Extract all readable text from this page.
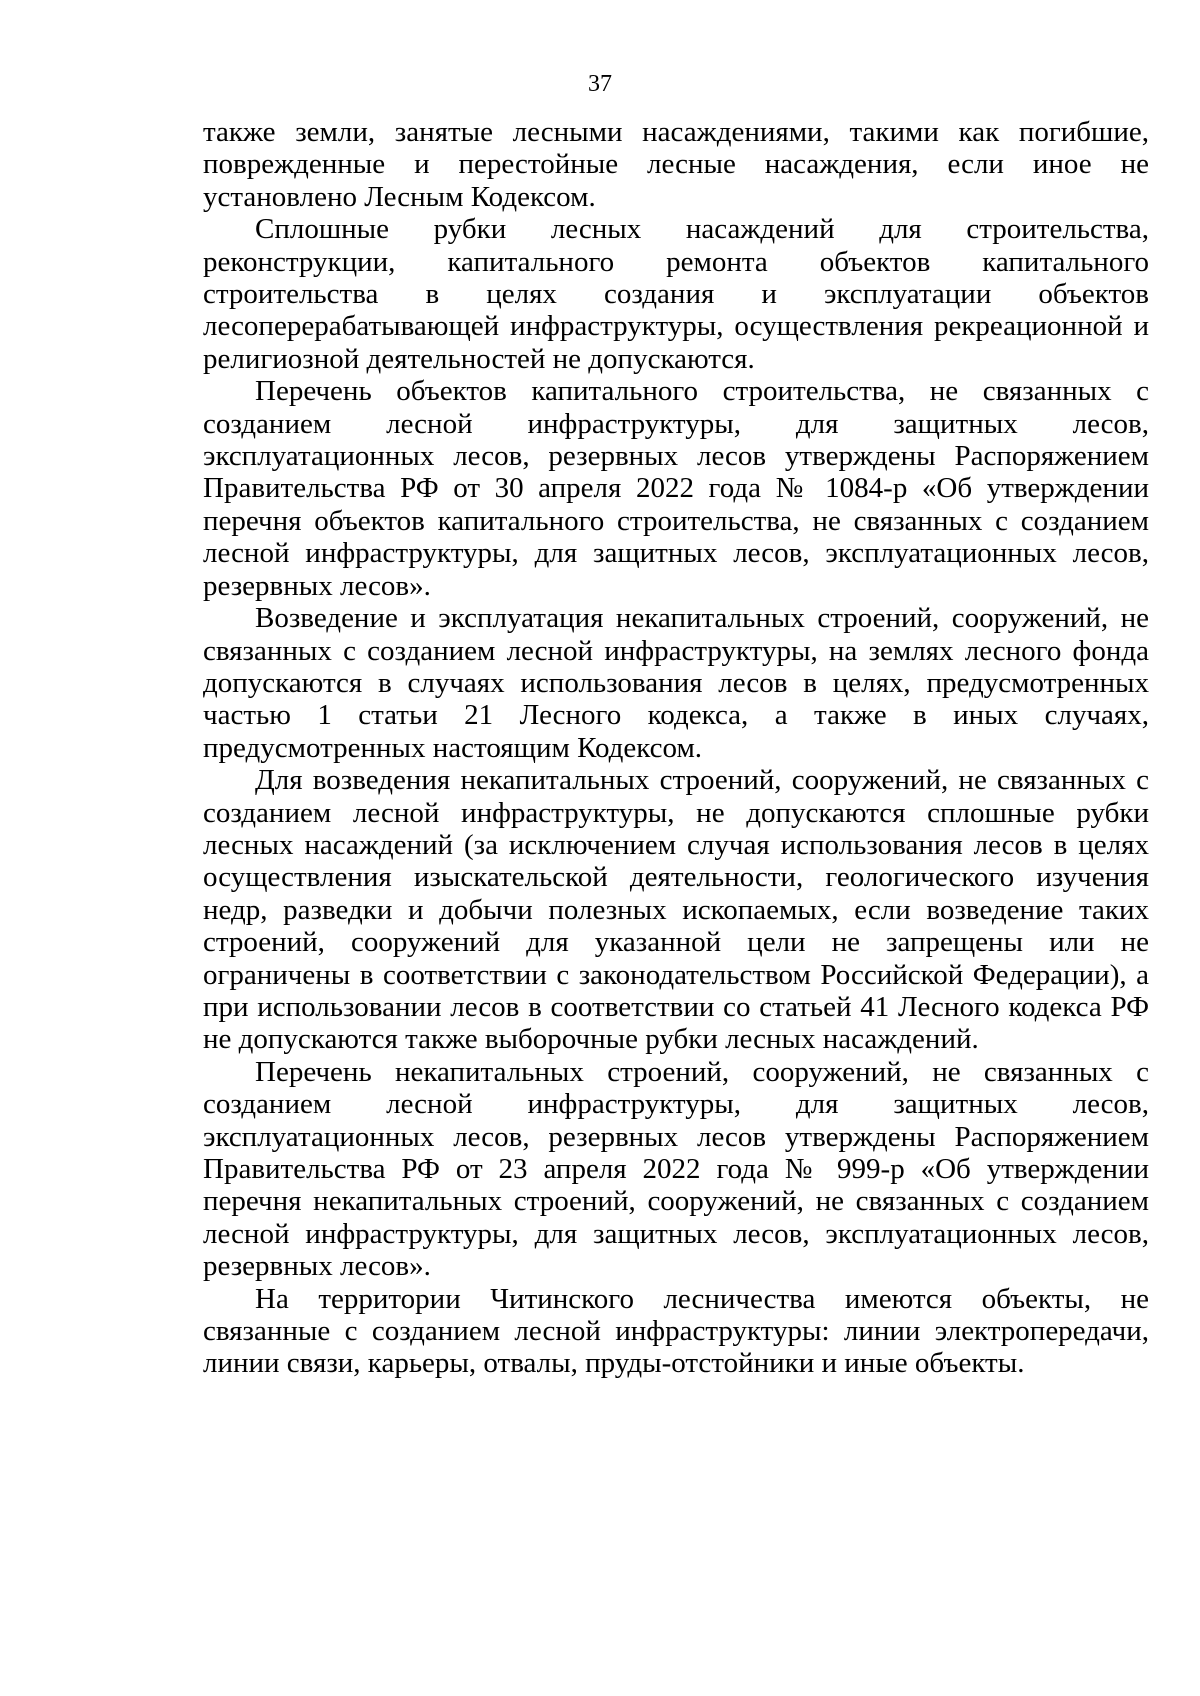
37

также земли, занятые лесными насаждениями, такими как погибшие, поврежденные и перестойные лесные насаждения, если иное не установлено Лесным Кодексом.

Сплошные рубки лесных насаждений для строительства, реконструкции, капитального ремонта объектов капитального строительства в целях создания и эксплуатации объектов лесоперерабатывающей инфраструктуры, осуществления рекреационной и религиозной деятельностей не допускаются.

Перечень объектов капитального строительства, не связанных с созданием лесной инфраструктуры, для защитных лесов, эксплуатационных лесов, резервных лесов утверждены Распоряжением Правительства РФ от 30 апреля 2022 года № 1084-р «Об утверждении перечня объектов капитального строительства, не связанных с созданием лесной инфраструктуры, для защитных лесов, эксплуатационных лесов, резервных лесов».

Возведение и эксплуатация некапитальных строений, сооружений, не связанных с созданием лесной инфраструктуры, на землях лесного фонда допускаются в случаях использования лесов в целях, предусмотренных частью 1 статьи 21 Лесного кодекса, а также в иных случаях, предусмотренных настоящим Кодексом.

Для возведения некапитальных строений, сооружений, не связанных с созданием лесной инфраструктуры, не допускаются сплошные рубки лесных насаждений (за исключением случая использования лесов в целях осуществления изыскательской деятельности, геологического изучения недр, разведки и добычи полезных ископаемых, если возведение таких строений, сооружений для указанной цели не запрещены или не ограничены в соответствии с законодательством Российской Федерации), а при использовании лесов в соответствии со статьей 41 Лесного кодекса РФ не допускаются также выборочные рубки лесных насаждений.

Перечень некапитальных строений, сооружений, не связанных с созданием лесной инфраструктуры, для защитных лесов, эксплуатационных лесов, резервных лесов утверждены Распоряжением Правительства РФ от 23 апреля 2022 года № 999-р «Об утверждении перечня некапитальных строений, сооружений, не связанных с созданием лесной инфраструктуры, для защитных лесов, эксплуатационных лесов, резервных лесов».

На территории Читинского лесничества имеются объекты, не связанные с созданием лесной инфраструктуры: линии электропередачи, линии связи, карьеры, отвалы, пруды-отстойники и иные объекты.
